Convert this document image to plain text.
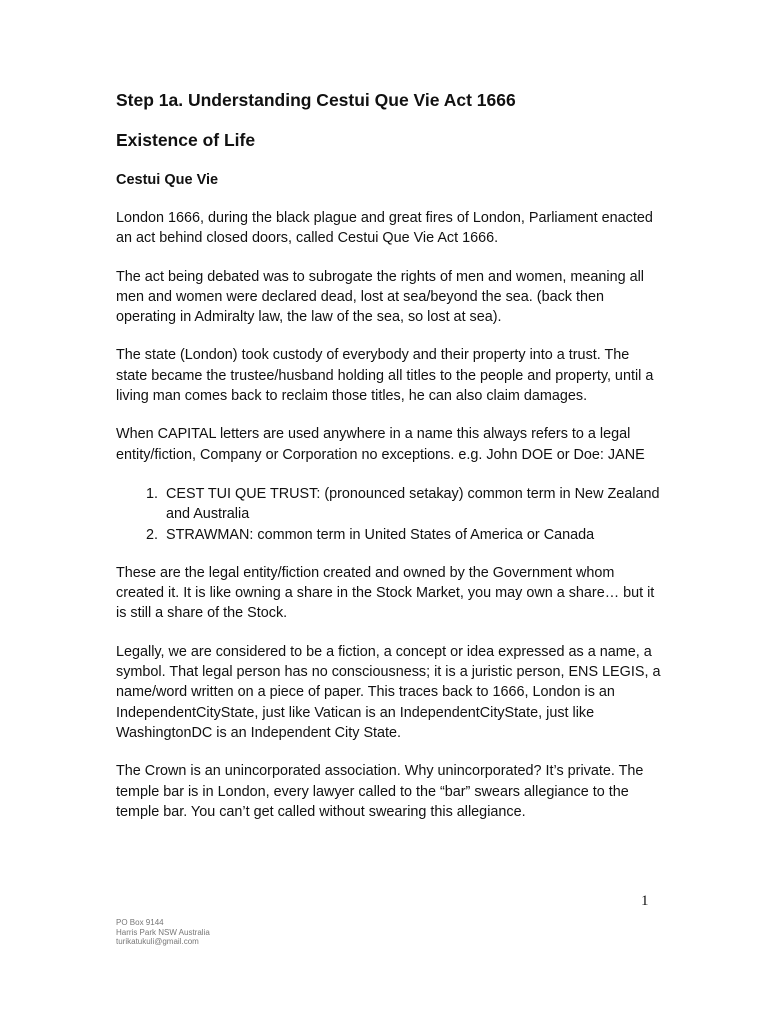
Step 1a. Understanding Cestui Que Vie Act 1666
Existence of Life
Cestui Que Vie

London 1666, during the black plague and great fires of London, Parliament enacted an act behind closed doors, called Cestui Que Vie Act 1666.

The act being debated was to subrogate the rights of men and women, meaning all men and women were declared dead, lost at sea/beyond the sea. (back then operating in Admiralty law, the law of the sea, so lost at sea).

The state (London) took custody of everybody and their property into a trust. The state became the trustee/husband holding all titles to the people and property, until a living man comes back to reclaim those titles, he can also claim damages.

When CAPITAL letters are used anywhere in a name this always refers to a legal entity/fiction, Company or Corporation no exceptions. e.g. John DOE or Doe: JANE

1. CEST TUI QUE TRUST: (pronounced setakay) common term in New Zealand and Australia
2. STRAWMAN: common term in United States of America or Canada

These are the legal entity/fiction created and owned by the Government whom created it. It is like owning a share in the Stock Market, you may own a share… but it is still a share of the Stock.

Legally, we are considered to be a fiction, a concept or idea expressed as a name, a symbol. That legal person has no consciousness; it is a juristic person, ENS LEGIS, a name/word written on a piece of paper. This traces back to 1666, London is an IndependentCityState, just like Vatican is an IndependentCityState, just like WashingtonDC is an Independent City State.

The Crown is an unincorporated association. Why unincorporated? It’s private. The temple bar is in London, every lawyer called to the “bar” swears allegiance to the temple bar. You can’t get called without swearing this allegiance.

1
PO Box 9144
Harris Park NSW Australia
turikatukuli@gmail.com
